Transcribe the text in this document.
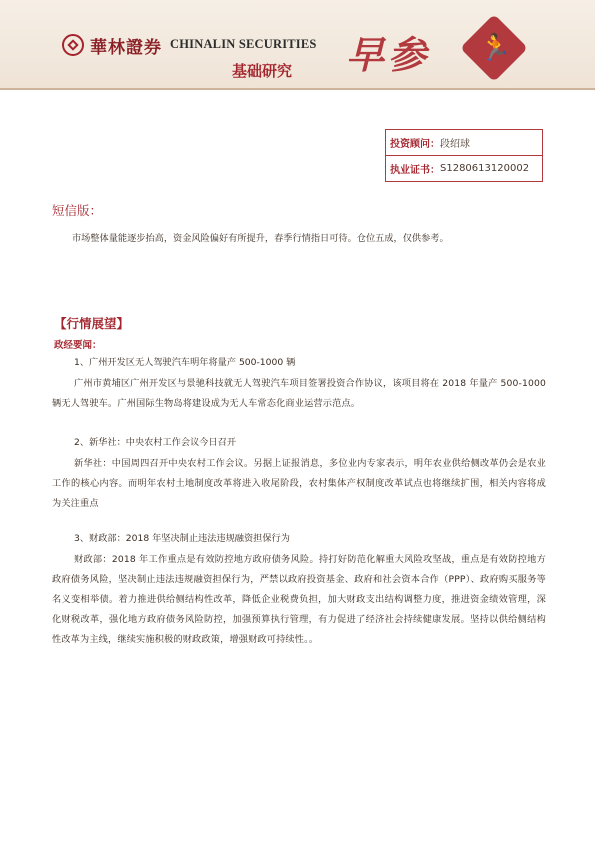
華林證券 CHINALIN SECURITIES
基础研究 早参 🏃
投资顾问： 段绍球
执业证书： S1280613120002
短信版：
市场整体量能逐步抬高，资金风险偏好有所提升，春季行情指日可待。仓位五成，仅供参考。
【行情展望】
政经要闻：
1、广州开发区无人驾驶汽车明年将量产 500-1000 辆
广州市黄埔区广州开发区与景驰科技就无人驾驶汽车项目签署投资合作协议，该项目将在 2018 年量产 500-1000 辆无人驾驶车。广州国际生物岛将建设成为无人车常态化商业运营示范点。
2、新华社：中央农村工作会议今日召开
新华社：中国周四召开中央农村工作会议。另据上证报消息，多位业内专家表示，明年农业供给侧改革仍会是农业工作的核心内容。而明年农村土地制度改革将进入收尾阶段，农村集体产权制度改革试点也将继续扩围，相关内容将成为关注重点
3、财政部：2018 年坚决制止违法违规融资担保行为
财政部：2018 年工作重点是有效防控地方政府债务风险。持打好防范化解重大风险攻坚战，重点是有效防控地方政府债务风险，坚决制止违法违规融资担保行为，严禁以政府投资基金、政府和社会资本合作（PPP）、政府购买服务等名义变相举债。着力推进供给侧结构性改革，降低企业税费负担，加大财政支出结构调整力度，推进资金绩效管理，深化财税改革，强化地方政府债务风险防控，加强预算执行管理，有力促进了经济社会持续健康发展。坚持以供给侧结构性改革为主线，继续实施积极的财政政策，增强财政可持续性。。
